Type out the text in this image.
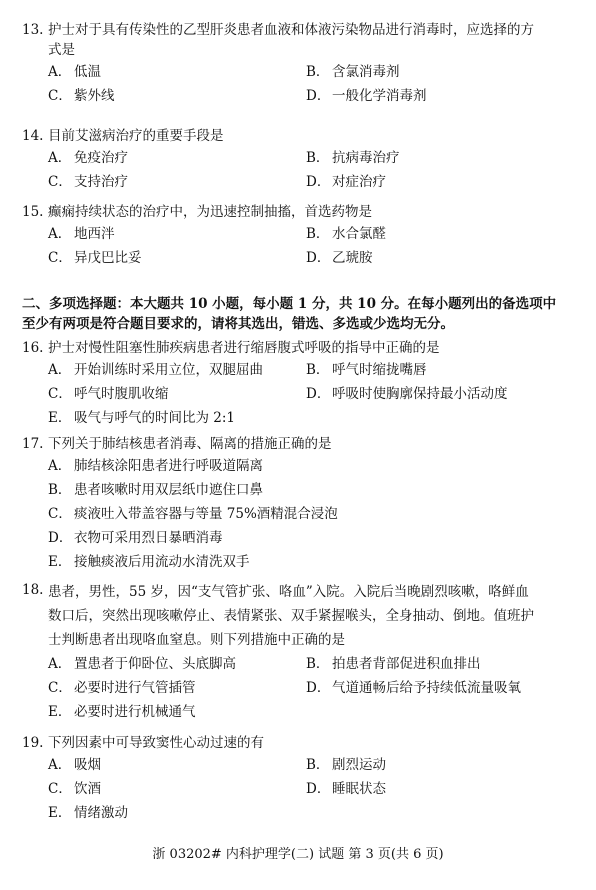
13. 护士对于具有传染性的乙型肝炎患者血液和体液污染物品进行消毒时，应选择的方
式是
A． 低温	B． 含氯消毒剂
C． 紫外线	D． 一般化学消毒剂
14. 目前艾滋病治疗的重要手段是
A． 免疫治疗	B． 抗病毒治疗
C． 支持治疗	D． 对症治疗
15. 癫痫持续状态的治疗中，为迅速控制抽搐，首选药物是
A． 地西泮	B． 水合氯醛
C． 异戊巴比妥	D． 乙琥胺
二、多项选择题：本大题共 10 小题，每小题 1 分，共 10 分。在每小题列出的备选项中
至少有两项是符合题目要求的，请将其选出，错选、多选或少选均无分。
16. 护士对慢性阻塞性肺疾病患者进行缩唇腹式呼吸的指导中正确的是
A． 开始训练时采用立位，双腿屈曲	B． 呼气时缩拢嘴唇
C． 呼气时腹肌收缩	D． 呼吸时使胸廓保持最小活动度
E． 吸气与呼气的时间比为 2:1
17. 下列关于肺结核患者消毒、隔离的措施正确的是
A． 肺结核涂阳患者进行呼吸道隔离
B． 患者咳嗽时用双层纸巾遮住口鼻
C． 痰液吐入带盖容器与等量 75%酒精混合浸泡
D． 衣物可采用烈日暴晒消毒
E． 接触痰液后用流动水清洗双手
18. 患者，男性，55 岁，因“支气管扩张、咯血”入院。入院后当晚剧烈咳嗽，咯鲜血
数口后，突然出现咳嗽停止、表情紧张、双手紧握喉头，全身抽动、倒地。值班护
士判断患者出现咯血窒息。则下列措施中正确的是
A． 置患者于仰卧位、头底脚高	B． 拍患者背部促进积血排出
C． 必要时进行气管插管	D． 气道通畅后给予持续低流量吸氧
E． 必要时进行机械通气
19. 下列因素中可导致窦性心动过速的有
A． 吸烟	B． 剧烈运动
C． 饮酒	D． 睡眠状态
E． 情绪激动
浙 03202# 内科护理学(二) 试题 第 3 页(共 6 页)
